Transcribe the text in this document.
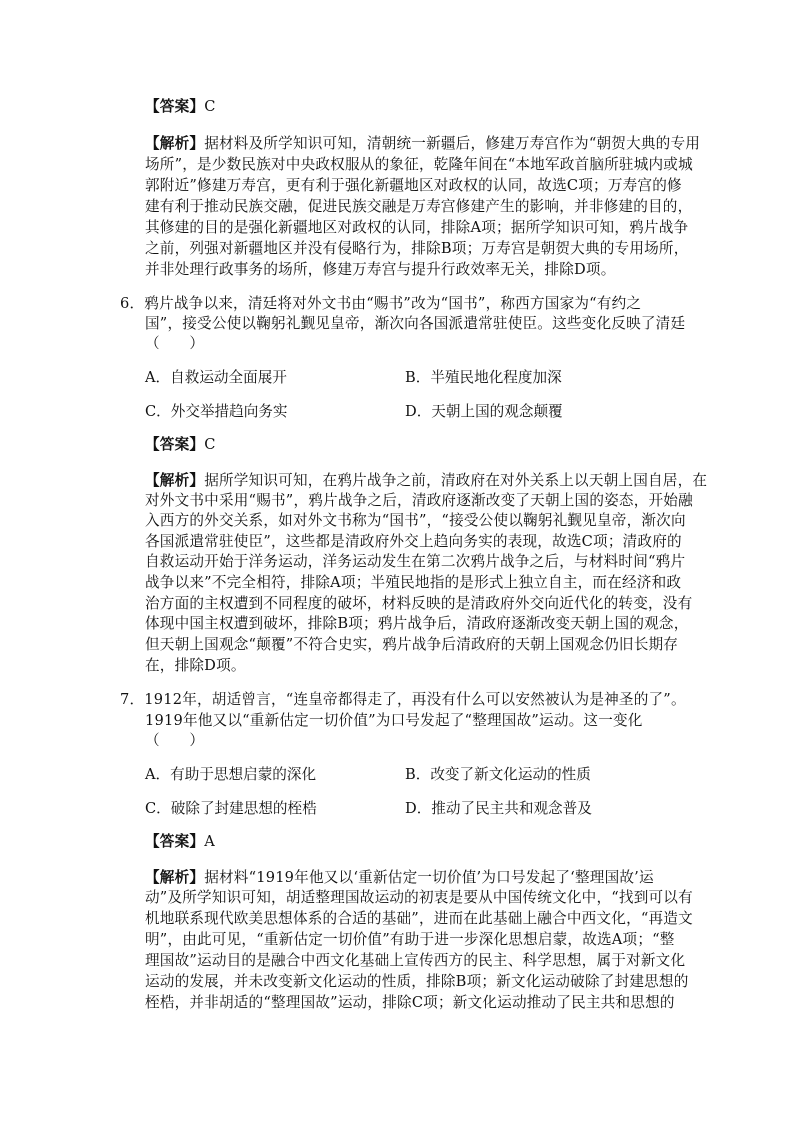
【答案】C
【解析】据材料及所学知识可知，清朝统一新疆后，修建万寿宫作为“朝贺大典的专用
场所”，是少数民族对中央政权服从的象征，乾隆年间在“本地军政首脑所驻城内或城
郭附近”修建万寿宫，更有利于强化新疆地区对政权的认同，故选C项；万寿宫的修
建有利于推动民族交融，促进民族交融是万寿宫修建产生的影响，并非修建的目的，
其修建的目的是强化新疆地区对政权的认同，排除A项；据所学知识可知，鸦片战争
之前，列强对新疆地区并没有侵略行为，排除B项；万寿宫是朝贺大典的专用场所，
并非处理行政事务的场所，修建万寿宫与提升行政效率无关，排除D项。
6．鸦片战争以来，清廷将对外文书由“赐书”改为“国书”，称西方国家为“有约之
国”，接受公使以鞠躬礼觐见皇帝，渐次向各国派遣常驻使臣。这些变化反映了清廷
（　　）
A．自救运动全面展开	B．半殖民地化程度加深
C．外交举措趋向务实	D．天朝上国的观念颠覆
【答案】C
【解析】据所学知识可知，在鸦片战争之前，清政府在对外关系上以天朝上国自居，在
对外文书中采用“赐书”，鸦片战争之后，清政府逐渐改变了天朝上国的姿态，开始融
入西方的外交关系，如对外文书称为“国书”，“接受公使以鞠躬礼觐见皇帝，渐次向
各国派遣常驻使臣”，这些都是清政府外交上趋向务实的表现，故选C项；清政府的
自救运动开始于洋务运动，洋务运动发生在第二次鸦片战争之后，与材料时间“鸦片
战争以来”不完全相符，排除A项；半殖民地指的是形式上独立自主，而在经济和政
治方面的主权遭到不同程度的破坏，材料反映的是清政府外交向近代化的转变，没有
体现中国主权遭到破坏，排除B项；鸦片战争后，清政府逐渐改变天朝上国的观念，
但天朝上国观念“颠覆”不符合史实，鸦片战争后清政府的天朝上国观念仍旧长期存
在，排除D项。
7．1912年，胡适曾言，“连皇帝都得走了，再没有什么可以安然被认为是神圣的了”。
1919年他又以“重新估定一切价值”为口号发起了“整理国故”运动。这一变化
（　　）
A．有助于思想启蒙的深化	B．改变了新文化运动的性质
C．破除了封建思想的桎梏	D．推动了民主共和观念普及
【答案】A
【解析】据材料“1919年他又以‘重新估定一切价值’为口号发起了‘整理国故’运
动”及所学知识可知，胡适整理国故运动的初衷是要从中国传统文化中，“找到可以有
机地联系现代欧美思想体系的合适的基础”，进而在此基础上融合中西文化，“再造文
明”，由此可见，“重新估定一切价值”有助于进一步深化思想启蒙，故选A项；“整
理国故”运动目的是融合中西文化基础上宣传西方的民主、科学思想，属于对新文化
运动的发展，并未改变新文化运动的性质，排除B项；新文化运动破除了封建思想的
桎梏，并非胡适的“整理国故”运动，排除C项；新文化运动推动了民主共和思想的
